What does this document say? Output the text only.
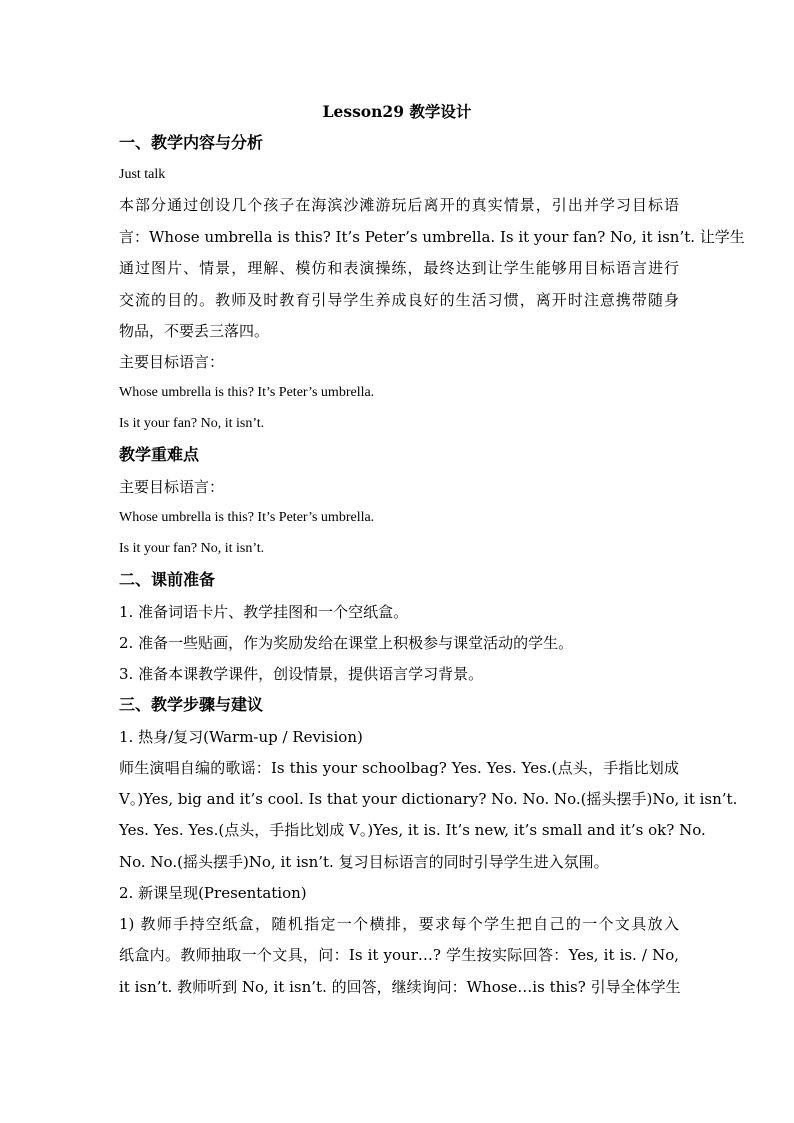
Lesson29 教学设计
一、教学内容与分析
Just talk
本部分通过创设几个孩子在海滨沙滩游玩后离开的真实情景，引出并学习目标语
言：Whose umbrella is this? It’s Peter’s umbrella. Is it your fan? No, it isn’t. 让学生
通过图片、情景，理解、模仿和表演操练，最终达到让学生能够用目标语言进行
交流的目的。教师及时教育引导学生养成良好的生活习惯，离开时注意携带随身
物品，不要丢三落四。
主要目标语言：
Whose umbrella is this? It’s Peter’s umbrella.
Is it your fan? No, it isn’t.
教学重难点
主要目标语言：
Whose umbrella is this? It’s Peter’s umbrella.
Is it your fan? No, it isn’t.
二、课前准备
1. 准备词语卡片、教学挂图和一个空纸盒。
2. 准备一些贴画，作为奖励发给在课堂上积极参与课堂活动的学生。
3. 准备本课教学课件，创设情景，提供语言学习背景。
三、教学步骤与建议
1. 热身/复习(Warm-up / Revision)
师生演唱自编的歌谣：Is this your schoolbag? Yes. Yes. Yes.(点头，手指比划成
V。)Yes, big and it’s cool. Is that your dictionary? No. No. No.(摇头摆手)No, it isn’t.
Yes. Yes. Yes.(点头，手指比划成 V。)Yes, it is. It’s new, it’s small and it’s ok? No.
No. No.(摇头摆手)No, it isn’t. 复习目标语言的同时引导学生进入氛围。
2. 新课呈现(Presentation)
1) 教师手持空纸盒，随机指定一个横排，要求每个学生把自己的一个文具放入
纸盒内。教师抽取一个文具，问：Is it your…? 学生按实际回答：Yes, it is. / No,
it isn’t. 教师听到 No, it isn’t. 的回答，继续询问：Whose…is this? 引导全体学生
